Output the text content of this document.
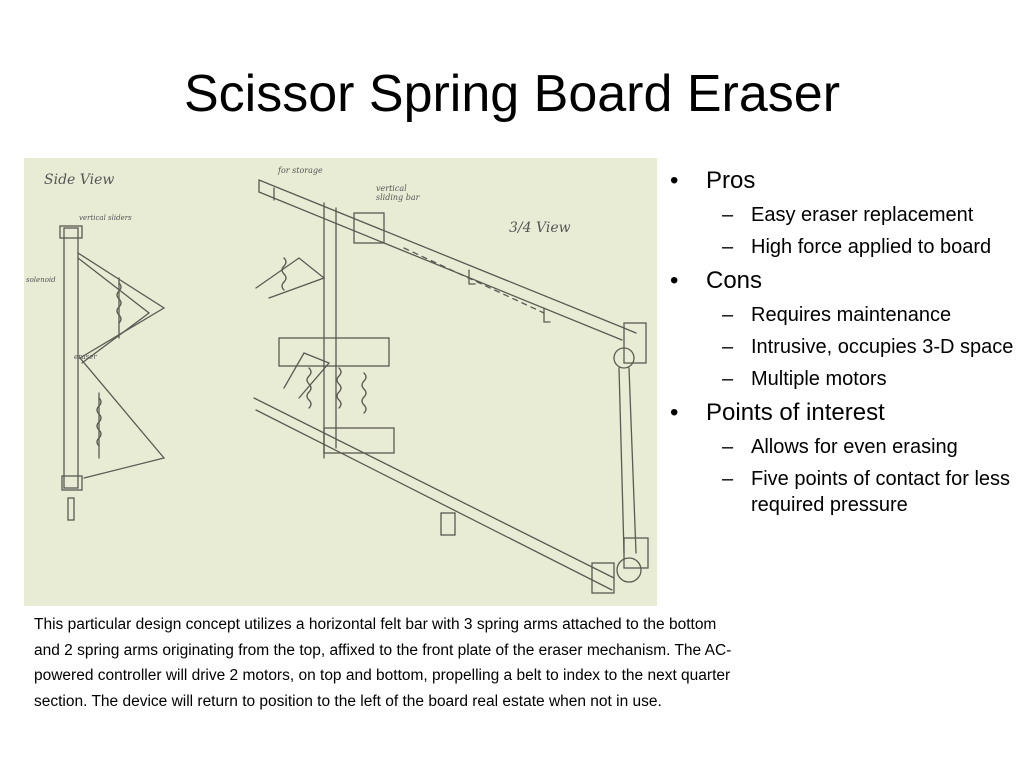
Scissor Spring Board Eraser
Side View
vertical sliders
solenoid
eraser
for storage
vertical sliding bar
3/4 View
• Pros
– Easy eraser replacement
– High force applied to board
• Cons
– Requires maintenance
– Intrusive, occupies 3-D space
– Multiple motors
• Points of interest
– Allows for even erasing
– Five points of contact for less required pressure
This particular design concept utilizes a horizontal felt bar with 3 spring arms attached to the bottom and 2 spring arms originating from the top, affixed to the front plate of the eraser mechanism. The AC-powered controller will drive 2 motors, on top and bottom, propelling a belt to index to the next quarter section. The device will return to position to the left of the board real estate when not in use.
